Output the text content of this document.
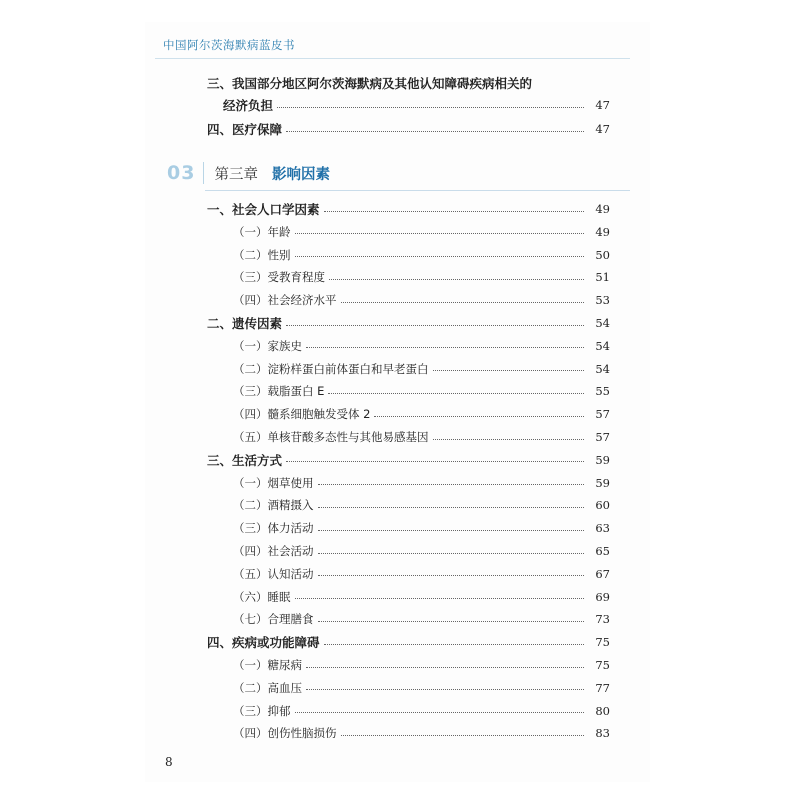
中国阿尔茨海默病蓝皮书
三、我国部分地区阿尔茨海默病及其他认知障碍疾病相关的
经济负担	47
四、医疗保障	47
03 第三章 影响因素
一、社会人口学因素	49
（一）年龄	49
（二）性别	50
（三）受教育程度	51
（四）社会经济水平	53
二、遗传因素	54
（一）家族史	54
（二）淀粉样蛋白前体蛋白和早老蛋白	54
（三）载脂蛋白 E	55
（四）髓系细胞触发受体 2	57
（五）单核苷酸多态性与其他易感基因	57
三、生活方式	59
（一）烟草使用	59
（二）酒精摄入	60
（三）体力活动	63
（四）社会活动	65
（五）认知活动	67
（六）睡眠	69
（七）合理膳食	73
四、疾病或功能障碍	75
（一）糖尿病	75
（二）高血压	77
（三）抑郁	80
（四）创伤性脑损伤	83
8
